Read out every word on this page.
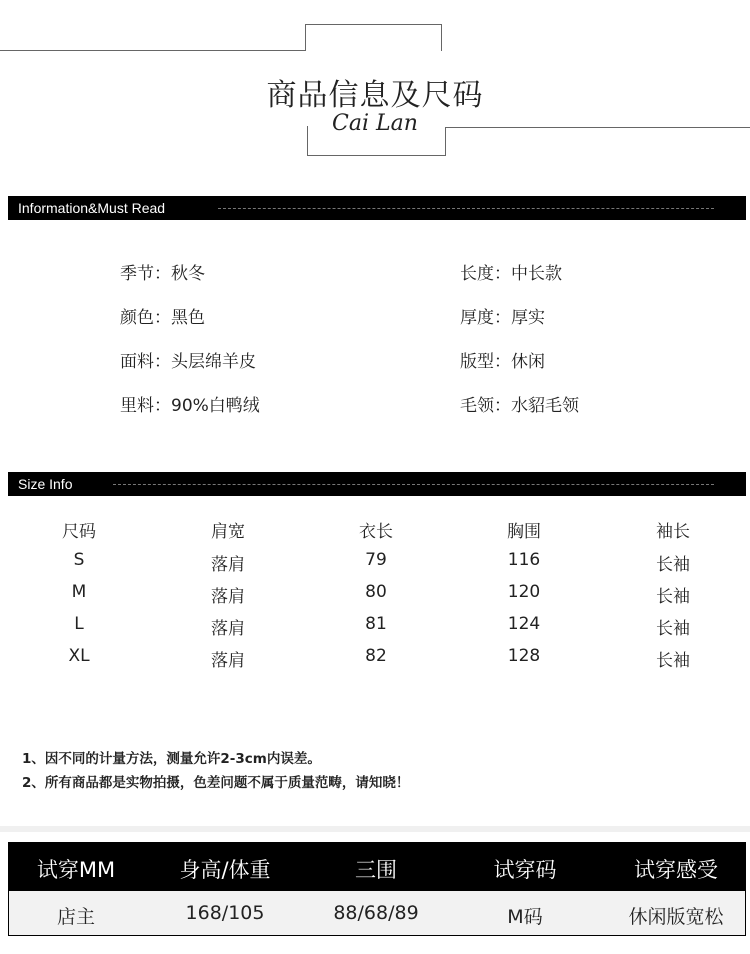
商品信息及尺码
Cai Lan
Information&Must Read
季节：秋冬
颜色：黑色
面料：头层绵羊皮
里料：90%白鸭绒
长度：中长款
厚度：厚实
版型：休闲
毛领：水貂毛领
Size Info
尺码	肩宽	衣长	胸围	袖长
S	落肩	79	116	长袖
M	落肩	80	120	长袖
L	落肩	81	124	长袖
XL	落肩	82	128	长袖
1、因不同的计量方法，测量允许2-3cm内误差。
2、所有商品都是实物拍摄，色差问题不属于质量范畴，请知晓！
试穿MM	身高/体重	三围	试穿码	试穿感受
店主	168/105	88/68/89	M码	休闲版宽松
